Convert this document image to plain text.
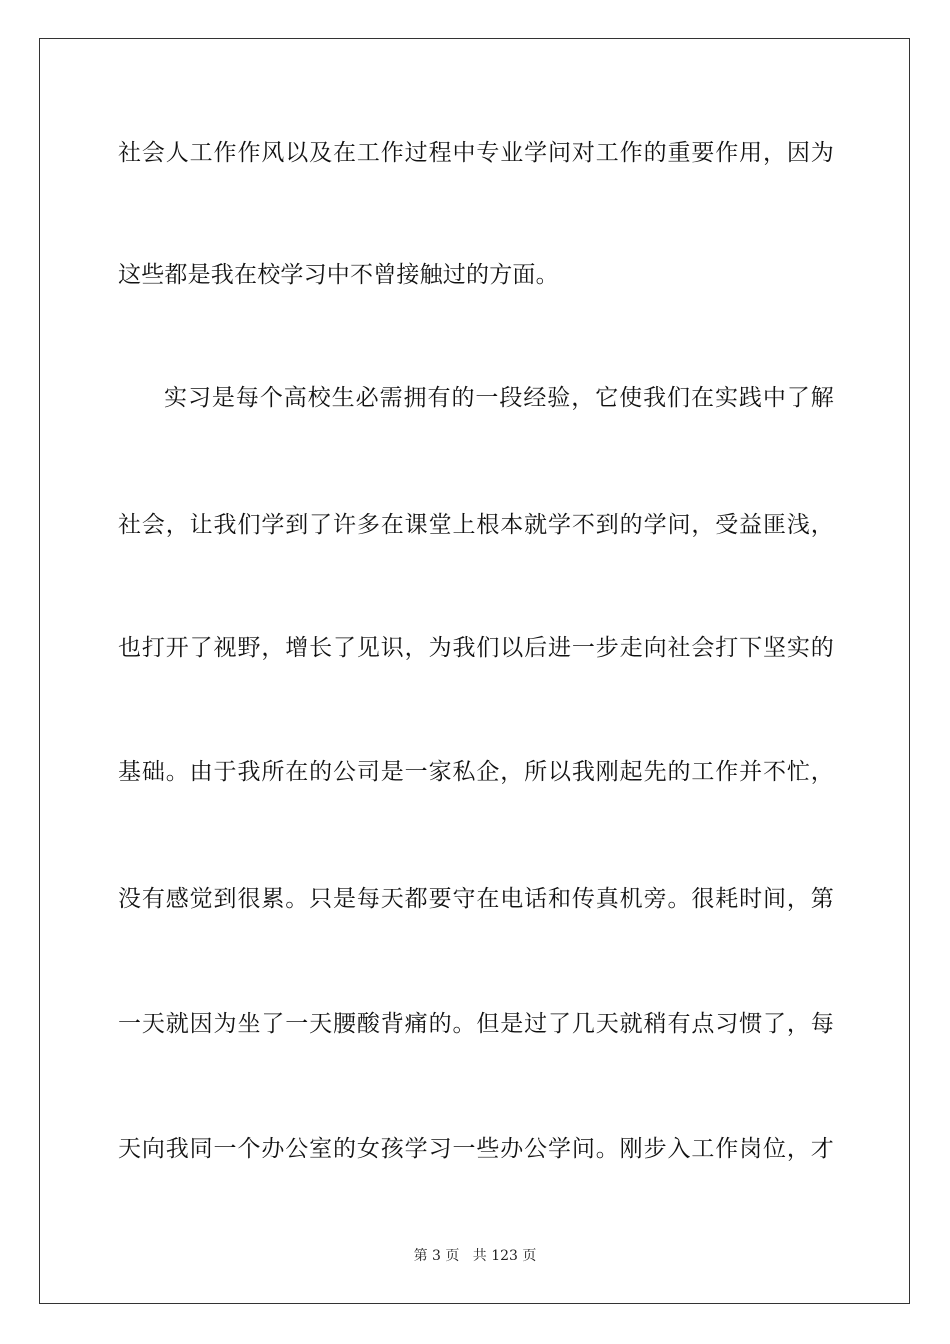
社会人工作作风以及在工作过程中专业学问对工作的重要作用，因为
这些都是我在校学习中不曾接触过的方面。
实习是每个高校生必需拥有的一段经验，它使我们在实践中了解
社会，让我们学到了许多在课堂上根本就学不到的学问，受益匪浅，
也打开了视野，增长了见识，为我们以后进一步走向社会打下坚实的
基础。由于我所在的公司是一家私企，所以我刚起先的工作并不忙，
没有感觉到很累。只是每天都要守在电话和传真机旁。很耗时间，第
一天就因为坐了一天腰酸背痛的。但是过了几天就稍有点习惯了，每
天向我同一个办公室的女孩学习一些办公学问。刚步入工作岗位，才
第 3 页 共 123 页
